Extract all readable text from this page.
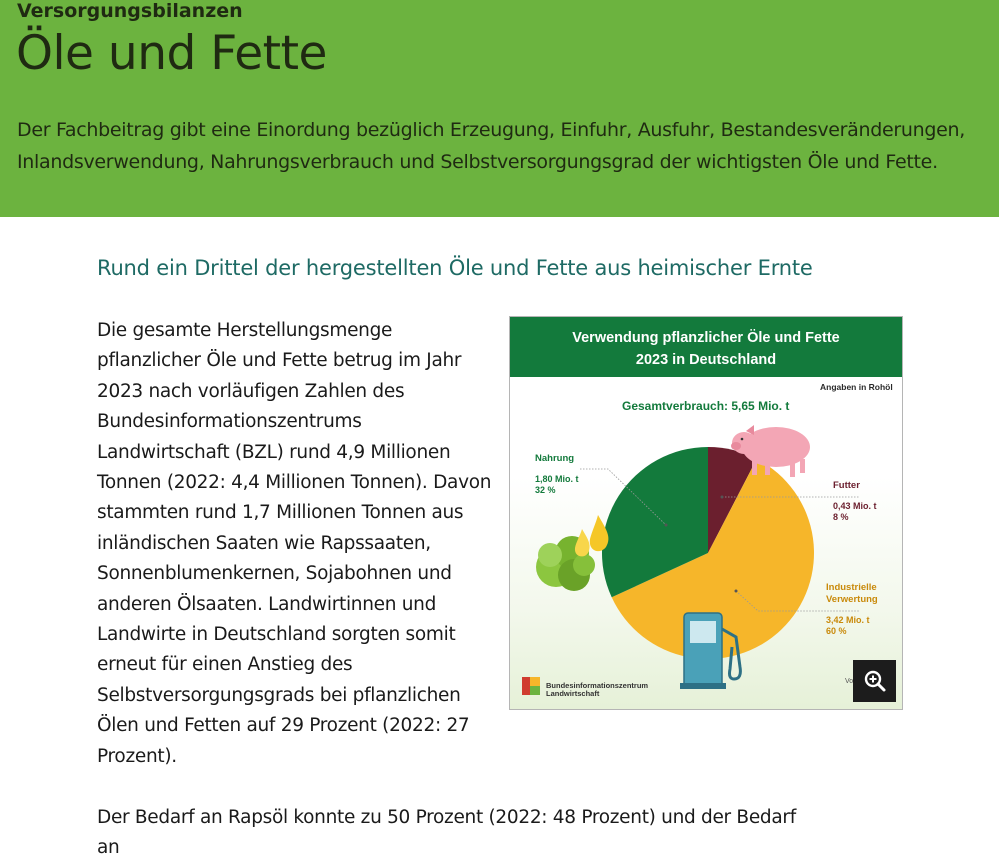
Versorgungsbilanzen
Öle und Fette

Der Fachbeitrag gibt eine Einordung bezüglich Erzeugung, Einfuhr, Ausfuhr, Bestandesveränderungen, Inlandsverwendung, Nahrungsverbrauch und Selbstversorgungsgrad der wichtigsten Öle und Fette.

Rund ein Drittel der hergestellten Öle und Fette aus heimischer Ernte

Die gesamte Herstellungsmenge pflanzlicher Öle und Fette betrug im Jahr 2023 nach vorläufigen Zahlen des Bundesinformationszentrums Landwirtschaft (BZL) rund 4,9 Millionen Tonnen (2022: 4,4 Millionen Tonnen). Davon stammten rund 1,7 Millionen Tonnen aus inländischen Saaten wie Rapssaaten, Sonnenblumenkernen, Sojabohnen und anderen Ölsaaten. Landwirtinnen und Landwirte in Deutschland sorgten somit erneut für einen Anstieg des Selbstversorgungsgrads bei pflanzlichen Ölen und Fetten auf 29 Prozent (2022: 27 Prozent).

Verwendung pflanzlicher Öle und Fette
2023 in Deutschland
Angaben in Rohöl
Gesamtverbrauch: 5,65 Mio. t
Nahrung
1,80 Mio. t
32 %	Futter
0,43 Mio. t
8 %
Industrielle
Verwertung
3,42 Mio. t
60 %
Bundesinformationszentrum
Landwirtschaft
Vo

Der Bedarf an Rapsöl konnte zu 50 Prozent (2022: 48 Prozent) und der Bedarf an
